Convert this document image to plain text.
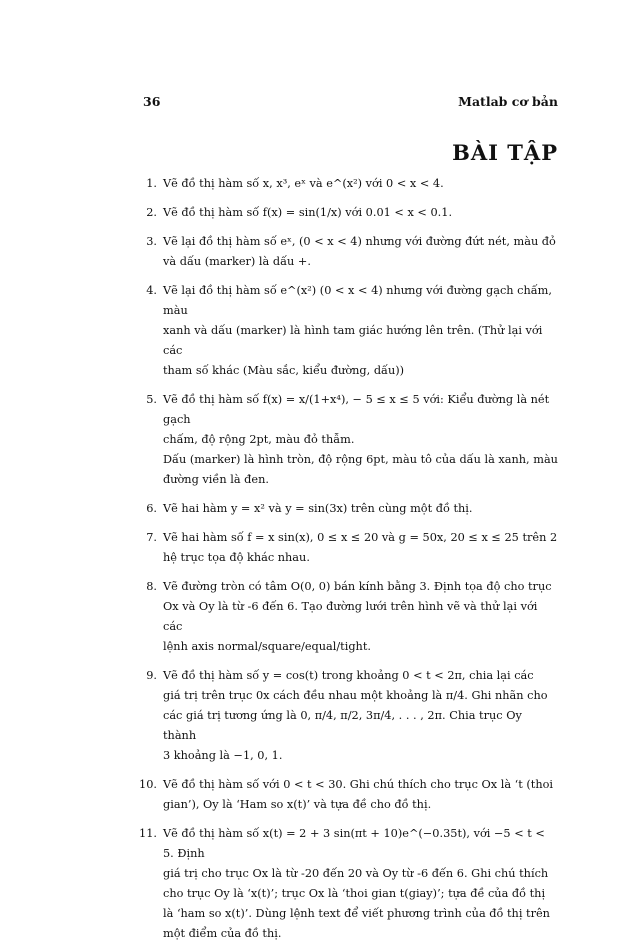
36	Matlab cơ bản
BÀI TẬP
1. Vẽ đồ thị hàm số x, x³, eˣ và e^(x²) với 0 < x < 4.

2. Vẽ đồ thị hàm số f(x) = sin(1/x) với 0.01 < x < 0.1.

3. Vẽ lại đồ thị hàm số eˣ, (0 < x < 4) nhưng với đường đứt nét, màu đỏ

và dấu (marker) là dấu +.

4. Vẽ lại đồ thị hàm số e^(x²) (0 < x < 4) nhưng với đường gạch chấm, màu

xanh và dấu (marker) là hình tam giác hướng lên trên. (Thử lại với các

tham số khác (Màu sắc, kiểu đường, dấu))

5. Vẽ đồ thị hàm số f(x) = x/(1+x⁴), − 5 ≤ x ≤ 5 với: Kiểu đường là nét gạch

chấm, độ rộng 2pt, màu đỏ thẫm.

Dấu (marker) là hình tròn, độ rộng 6pt, màu tô của dấu là xanh, màu

đường viền là đen.

6. Vẽ hai hàm y = x² và y = sin(3x) trên cùng một đồ thị.

7. Vẽ hai hàm số f = x sin(x), 0 ≤ x ≤ 20 và g = 50x, 20 ≤ x ≤ 25 trên 2

hệ trục tọa độ khác nhau.

8. Vẽ đường tròn có tâm O(0, 0) bán kính bằng 3. Định tọa độ cho trục

Ox và Oy là từ -6 đến 6. Tạo đường lưới trên hình vẽ và thử lại với các

lệnh axis normal/square/equal/tight.

9. Vẽ đồ thị hàm số y = cos(t) trong khoảng 0 < t < 2π, chia lại các

giá trị trên trục 0x cách đều nhau một khoảng là π/4. Ghi nhãn cho

các giá trị tương ứng là 0, π/4, π/2, 3π/4, . . . , 2π. Chia trục Oy thành

3 khoảng là −1, 0, 1.

10. Vẽ đồ thị hàm số với 0 < t < 30. Ghi chú thích cho trục Ox là ‘t (thoi

gian’), Oy là ‘Ham so x(t)’ và tựa đề cho đồ thị.

11. Vẽ đồ thị hàm số x(t) = 2 + 3 sin(πt + 10)e^(−0.35t), với −5 < t < 5. Định

giá trị cho trục Ox là từ -20 đến 20 và Oy từ -6 đến 6. Ghi chú thích

cho trục Oy là ‘x(t)’; trục Ox là ‘thoi gian t(giay)’; tựa đề của đồ thị

là ‘ham so x(t)’. Dùng lệnh text để viết phương trình của đồ thị trên

một điểm của đồ thị.
